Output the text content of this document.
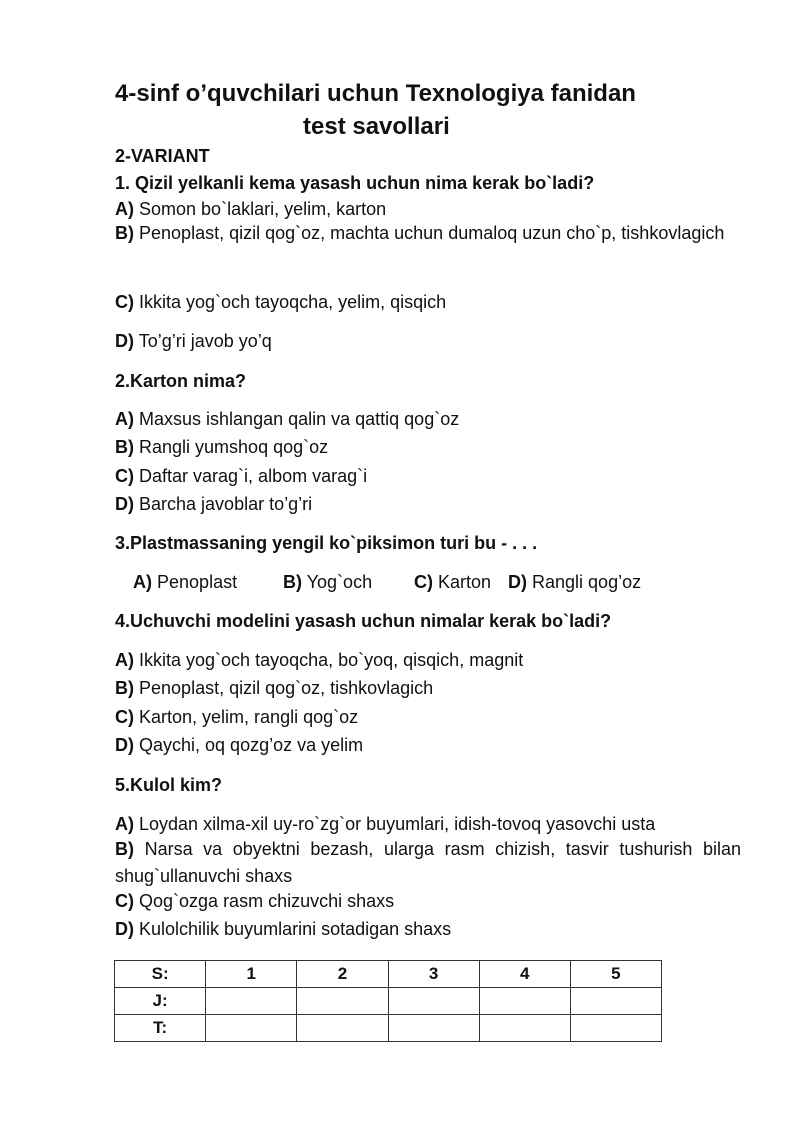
4-sinf o’quvchilari uchun Texnologiya fanidan
test savollari
2-VARIANT
1. Qizil yelkanli kema yasash uchun nima kerak bo`ladi?
A) Somon bo`laklari, yelim, karton
B) Penoplast, qizil qog`oz, machta uchun dumaloq uzun cho`p, tishkovlagich
C) Ikkita yog`och tayoqcha, yelim, qisqich
D) To’g’ri javob yo’q
2.Karton nima?
A) Maxsus ishlangan qalin va qattiq qog`oz
B) Rangli yumshoq qog`oz
C) Daftar varag`i, albom varag`i
D) Barcha javoblar to’g’ri
3.Plastmassaning yengil ko`piksimon turi bu - . . .
A) Penoplast	B) Yog`och C) Karton D) Rangli qog’oz
4.Uchuvchi modelini yasash uchun nimalar kerak bo`ladi?
A) Ikkita yog`och tayoqcha, bo`yoq, qisqich, magnit
B) Penoplast, qizil qog`oz, tishkovlagich
C) Karton, yelim, rangli qog`oz
D) Qaychi, oq qozg’oz va yelim
5.Kulol kim?
A) Loydan xilma-xil uy-ro`zg`or buyumlari, idish-tovoq yasovchi usta
B) Narsa va obyektni bezash, ularga rasm chizish, tasvir tushurish bilan shug`ullanuvchi shaxs
C) Qog`ozga rasm chizuvchi shaxs
D) Kulolchilik buyumlarini sotadigan shaxs
S:	1	2	3	4	5
J:					
T:					
